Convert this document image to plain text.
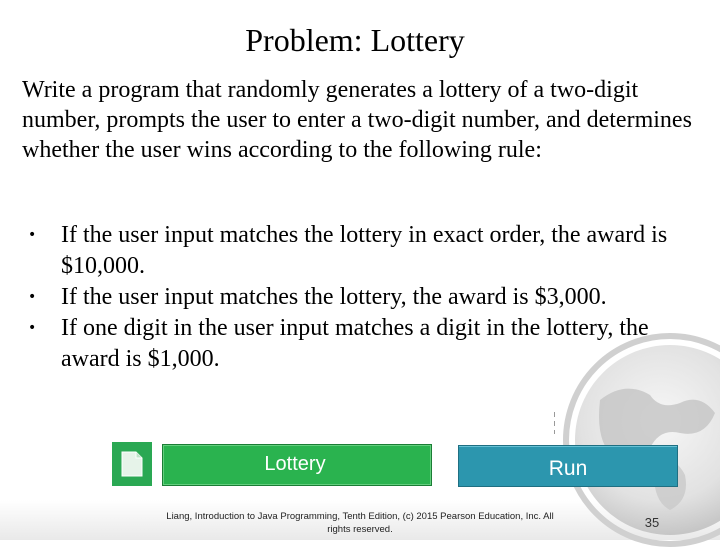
Problem: Lottery
Write a program that randomly generates a lottery of a two-digit number, prompts the user to enter a two-digit number, and determines whether the user wins according to the following rule:
• If the user input matches the lottery in exact order, the award is $10,000.
• If the user input matches the lottery, the award is $3,000.
• If one digit in the user input matches a digit in the lottery, the award is $1,000.
Lottery	Run
Liang, Introduction to Java Programming, Tenth Edition, (c) 2015 Pearson Education, Inc. All
rights reserved.	35
